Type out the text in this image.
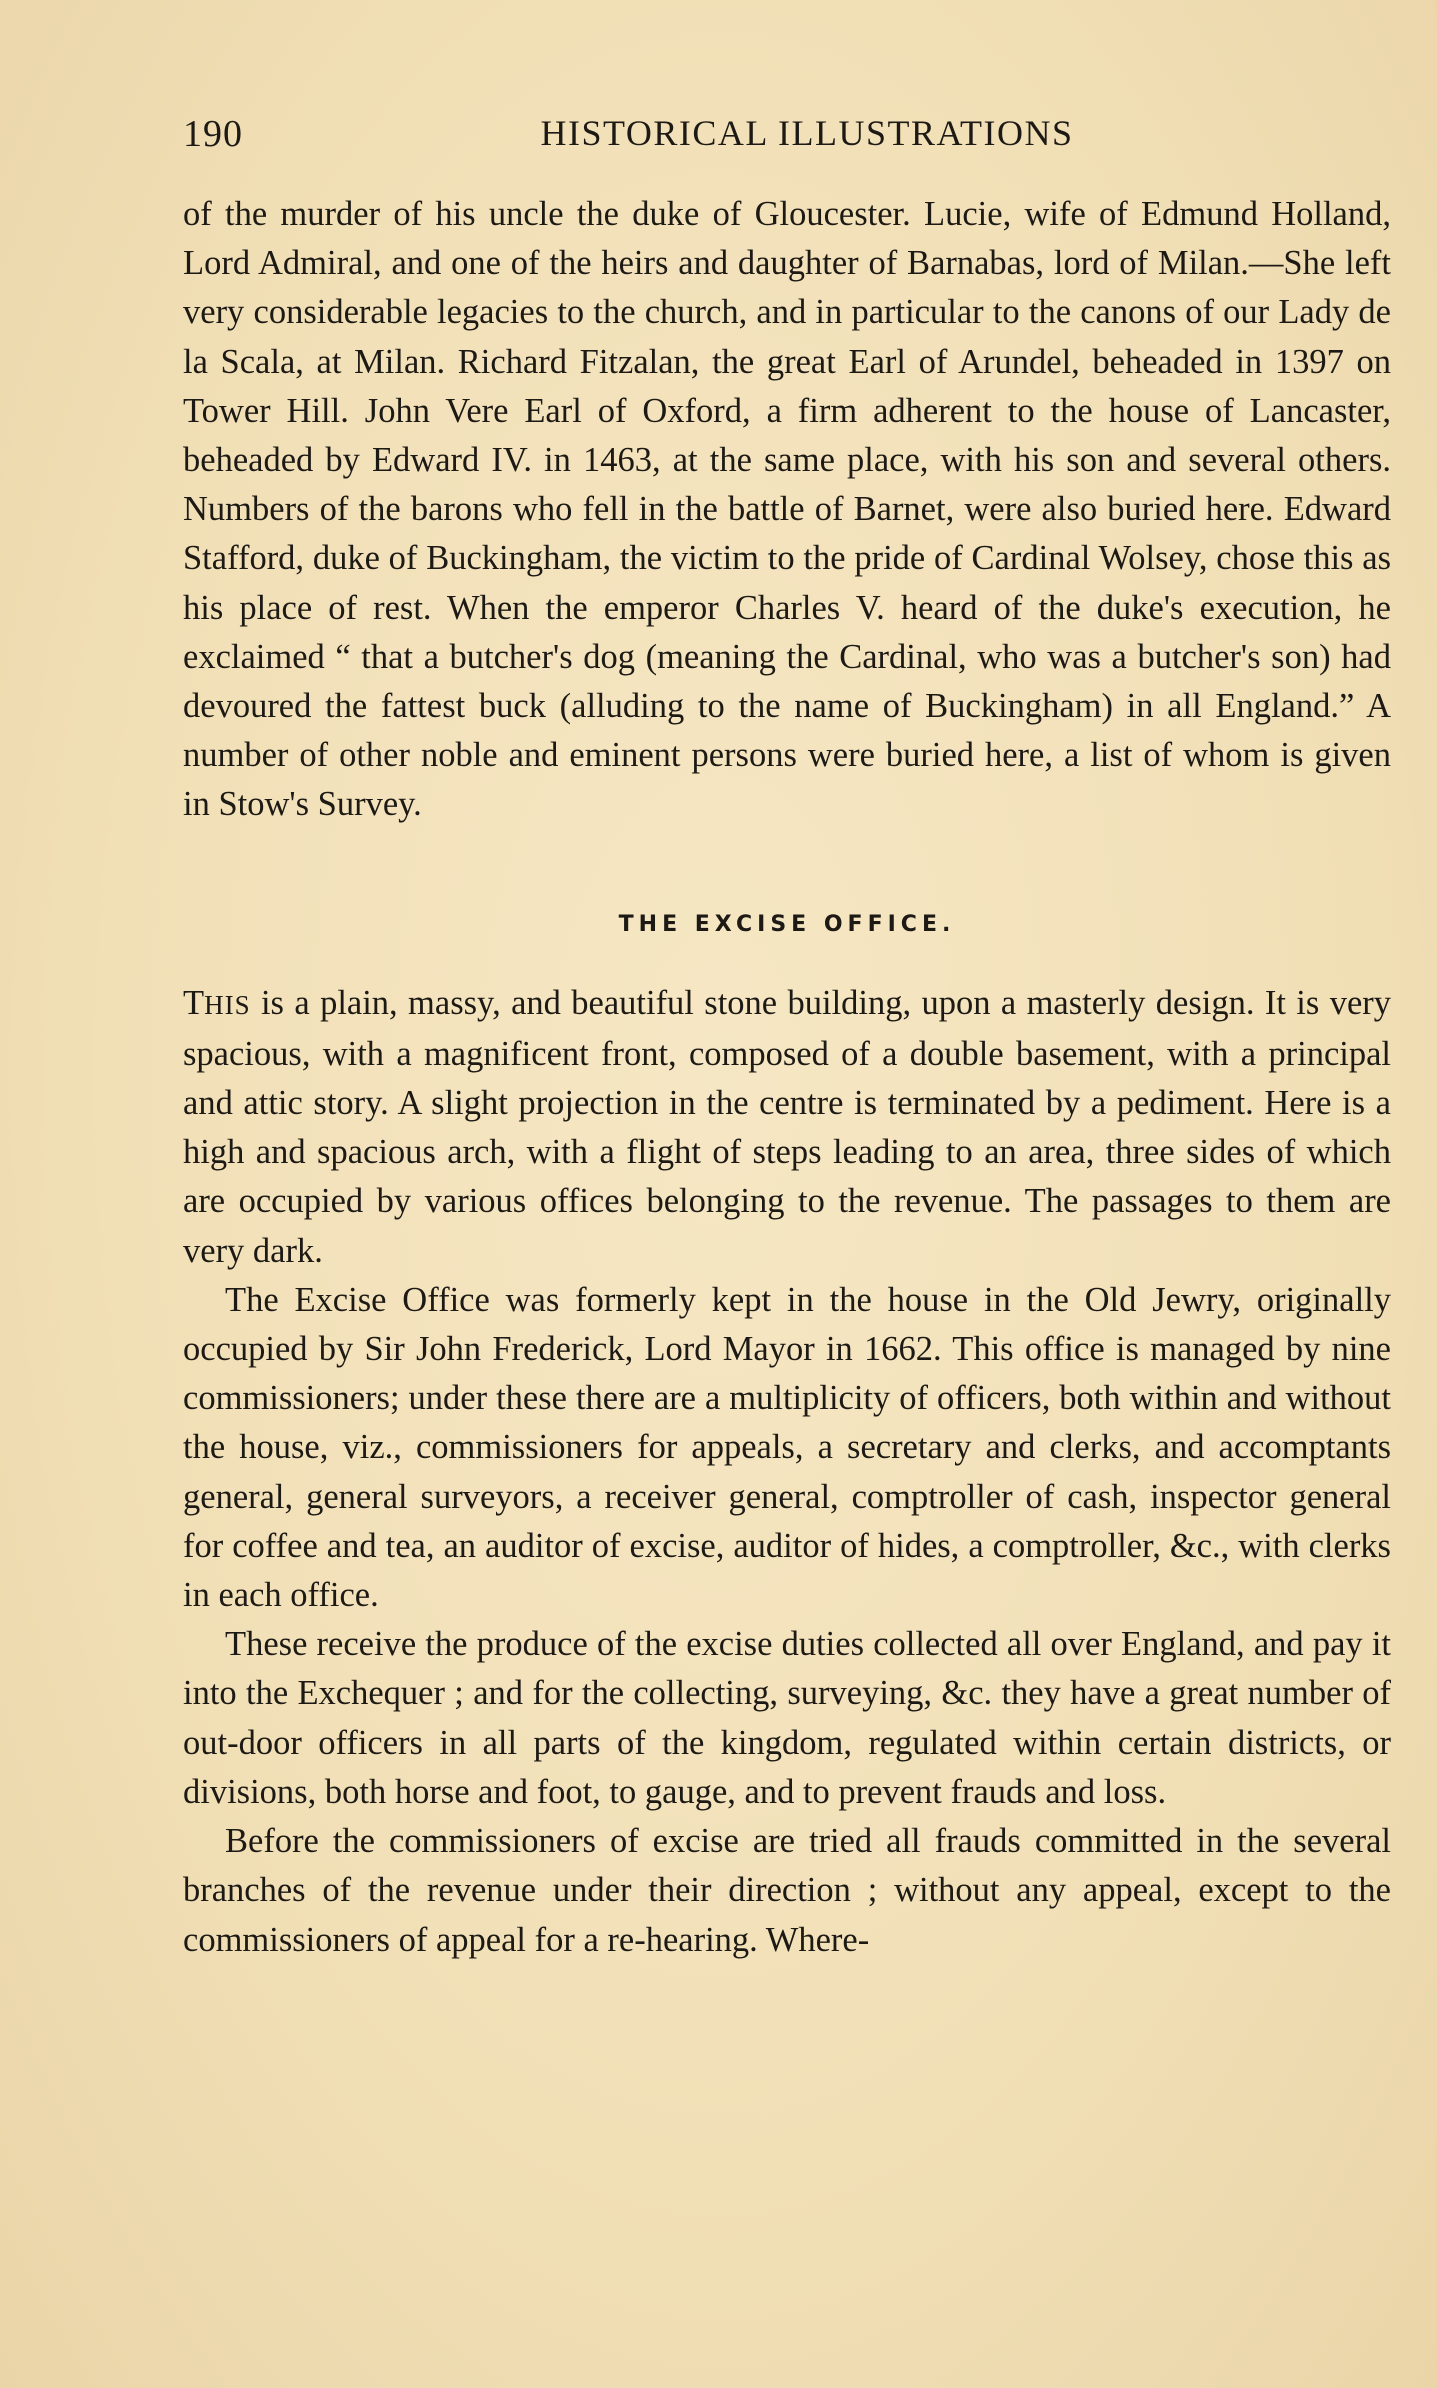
190	HISTORICAL ILLUSTRATIONS

of the murder of his uncle the duke of Gloucester. Lucie, wife of Edmund Holland, Lord Admiral, and one of the heirs and daughter of Barnabas, lord of Milan.—She left very considerable legacies to the church, and in particular to the canons of our Lady de la Scala, at Milan. Richard Fitzalan, the great Earl of Arundel, beheaded in 1397 on Tower Hill. John Vere Earl of Oxford, a firm adherent to the house of Lancaster, beheaded by Edward IV. in 1463, at the same place, with his son and several others. Numbers of the barons who fell in the battle of Barnet, were also buried here. Edward Stafford, duke of Buckingham, the victim to the pride of Cardinal Wolsey, chose this as his place of rest. When the emperor Charles V. heard of the duke's execution, he exclaimed “ that a butcher's dog (meaning the Cardinal, who was a butcher's son) had devoured the fattest buck (alluding to the name of Buckingham) in all England.” A number of other noble and eminent persons were buried here, a list of whom is given in Stow's Survey.

THE EXCISE OFFICE.

THIS is a plain, massy, and beautiful stone building, upon a masterly design. It is very spacious, with a magnificent front, composed of a double basement, with a principal and attic story. A slight projection in the centre is terminated by a pediment. Here is a high and spacious arch, with a flight of steps leading to an area, three sides of which are occupied by various offices belonging to the revenue. The passages to them are very dark.

The Excise Office was formerly kept in the house in the Old Jewry, originally occupied by Sir John Frederick, Lord Mayor in 1662. This office is managed by nine commissioners; under these there are a multiplicity of officers, both within and without the house, viz., commissioners for appeals, a secretary and clerks, and accomptants general, general surveyors, a receiver general, comptroller of cash, inspector general for coffee and tea, an auditor of excise, auditor of hides, a comptroller, &c., with clerks in each office.

These receive the produce of the excise duties collected all over England, and pay it into the Exchequer ; and for the collecting, surveying, &c. they have a great number of out-door officers in all parts of the kingdom, regulated within certain districts, or divisions, both horse and foot, to gauge, and to prevent frauds and loss.

Before the commissioners of excise are tried all frauds committed in the several branches of the revenue under their direction ; without any appeal, except to the commissioners of appeal for a re-hearing. Where-
